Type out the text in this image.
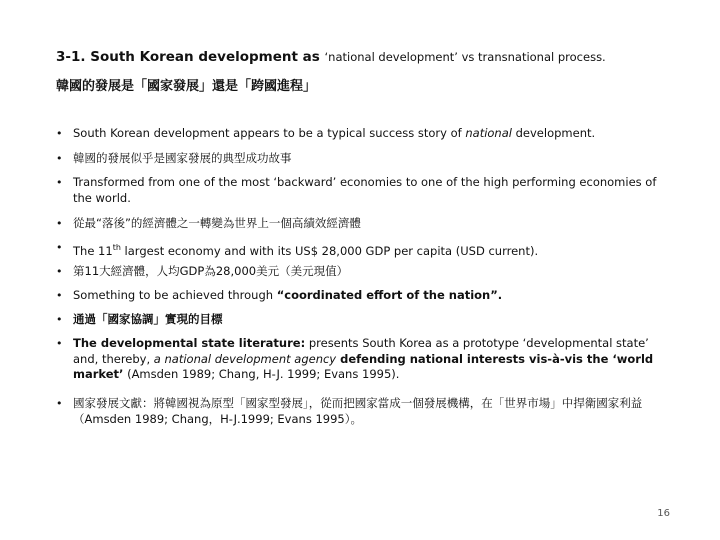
3-1. South Korean development as ‘national development’ vs transnational process.
韓國的發展是「國家發展」還是「跨國進程」
• South Korean development appears to be a typical success story of national development.
• 韓國的發展似乎是國家發展的典型成功故事
• Transformed from one of the most ‘backward’ economies to one of the high performing economies of the world.
• 從最“落後”的經濟體之一轉變為世界上一個高績效經濟體
• The 11th largest economy and with its US$ 28,000 GDP per capita (USD current).
• 第11大經濟體，人均GDP為28,000美元（美元現值）
• Something to be achieved through “coordinated effort of the nation”.
• 通過「國家協調」實現的目標
• The developmental state literature: presents South Korea as a prototype ‘developmental state’ and, thereby, a national development agency defending national interests vis-à-vis the ‘world market’ (Amsden 1989; Chang, H-J. 1999; Evans 1995).
• 國家發展文獻：將韓國視為原型「國家型發展」，從而把國家當成一個發展機構，在「世界市場」中捍衛國家利益（Amsden 1989; Chang，H-J.1999; Evans 1995）。
16
